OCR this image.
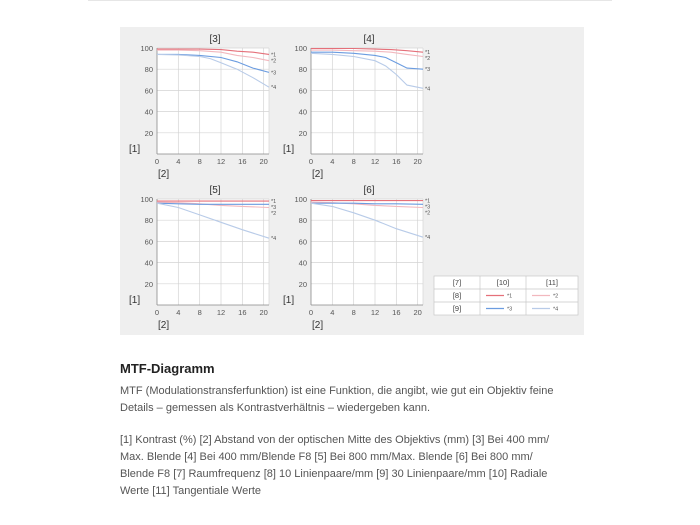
20
40
60
80
100
0 4 8 12 16 20
[3]
[1]
[2]
*1
*2
*3
*4
20
40
60
80
100
0 4 8 12 16 20
[4]
[1]
[2]
*1
*2
*3
*4
20
40
60
80
100
0 4 8 12 16 20
[5]
[1]
[2]
*1
*3
*2
*4
20
40
60
80
100
0 4 8 12 16 20
[6]
[1]
[2]
*1
*3
*2
*4
[7]	[10]	[11]
[8]	*1	*2
[9]	*3	*4
MTF-Diagramm

MTF (Modulationstransferfunktion) ist eine Funktion, die angibt, wie gut ein Objektiv feine Details – gemessen als Kontrastverhältnis – wiedergeben kann.

[1] Kontrast (%) [2] Abstand von der optischen Mitte des Objektivs (mm) [3] Bei 400 mm/ Max. Blende [4] Bei 400 mm/Blende F8 [5] Bei 800 mm/Max. Blende [6] Bei 800 mm/ Blende F8 [7] Raumfrequenz [8] 10 Linienpaare/mm [9] 30 Linienpaare/mm [10] Radiale Werte [11] Tangentiale Werte
